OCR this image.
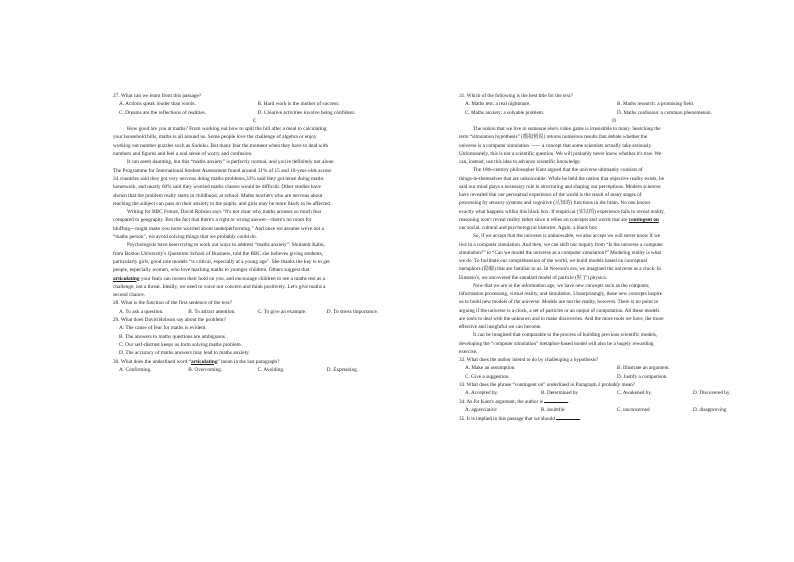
27. What can we learn from this passage?
A. Actions speak louder than words.	B. Hard work is the mother of success.
C. Dreams are the reflections of realities.	D. Creative activities involve being confident.
C
How good are you at maths? From working out how to split the bill after a meal to calculating
your household bills, maths is all around us. Some people love the challenge of algebra or enjoy
working out number puzzles such as Sudoku. But many fear the moment when they have to deal with
numbers and figures and feel a real sense of worry and confusion.
It can seem daunting, but this “maths anxiety” is perfectly normal, and you're definitely not alone.
The Programme for International Student Assessment found around 31% of 15 and 16-year-olds across
34 countries said they got very nervous doing maths problems,33% said they got tense doing maths
homework, and nearly 60% said they worried maths classes would be difficult. Other studies have
shown that the problem really starts in childhood, at school. Maths teachers who are nervous about
teaching the subject can pass on their anxiety to the pupils, and girls may be more likely to be affected.
Writing for BBC Future, David Robson says “It's not clear why maths arouses so much fear
compared to geography. But the fact that there's a right or wrong answer—there's no room for
bluffing—might make you more worried about underperforming.” And once we assume we're not a
“maths person”, we avoid solving things that we probably could do.
Psychologists have been trying to work out ways to address “maths anxiety”. Shulamit Kahn,
from Boston University's Questrom School of Business, told the BBC she believes giving students,
particularly girls, good role models “is critical, especially at a young age”. She thanks the key is to get
people, especially women, who love teaching maths to younger children. Others suggest that
articulating your fears can loosen their hold on you, and encourage children to see a maths test as a
challenge, not a threat. Ideally, we need to voice our concern and think positively. Let's give maths a
second chance.
28. What is the function of the first sentence of the text?
A. To ask a question.	B. To attract attention.	C. To give an example.	D. To stress importance.
29. What does David Robson say about the problem?
A. The cause of fear for maths is evident.
B. The answers to maths questions are ambiguous.
C. Our self-distrust keeps us form solving maths problem.
D. The accuracy of maths answers may lead to maths anxiety.
30. What does the underlined word “articulating” mean in the last paragraph?
A. Confirming.	B. Overcoming.	C. Avoiding.	D. Expressing.
31. Which of the following is the best title for the text?
A. Maths test: a real nightmare.	B. Maths research: a promising field.
C. Maths anxiety: a solvable problem.	D. Maths confusion: a common phenomenon.
D
The notion that we live in someone else's video game is irresistible to many. Searching the
term “simulation hypothesis” (模拟假说) returns numerous results that debate whether the
universe is a computer simulation —— a concept that some scientists actually take seriously.
Unfortunately, this is not a scientific question. We will probably never know whether it's true. We
can, instead, use this idea to advance scientific knowledge.
The 18th-century philosopher Kant argued that the universe ultimately consists of
things-in-themselves that are unknowable. While he held the notion that objective reality exists, he
said our mind plays a necessary role in structuring and shaping our perceptions. Modern sciences
have revealed that our perceptual experience of the world is the result of many stages of
processing by sensory systems and cognitive (认知的) functions in the brain. No one knows
exactly what happens within this black box. If empirical (实证的) experience fails to reveal reality,
reasoning won't reveal reality either since it relies on concepts and words that are contingent on
our social, cultural and psychological histories. Again, a black box.
So, if we accept that the universe is unknowable, we also accept we will never know if we
live in a computer simulation. And then, we can shift our inquiry from “Is the universe a computer
simulation?” to “Can we model the universe as a computer simulation?” Modeling reality is what
we do. To facilitate our comprehension of the world, we build models based on conceptual
metaphors (隐喻) that are familiar to us. In Newton's era, we imagined the universe as a clock. In
Einstein's, we uncovered the standard model of particle (粒子) physics.
Now that we are in the information age, we have new concepts such as the computer,
information processing, virtual reality, and simulation. Unsurprisingly, these new concepts inspire
us to build new models of the universe. Models are not the reality, however. There is no point in
arguing if the universe is a clock, a set of particles or an output of computation. All these models
are tools to deal with the unknown and to make discoveries. And the more tools we have, the more
effective and insightful we can become.
It can be imagined that comparable to the process of building previous scientific models,
developing the “computer simulation” metaphor-based model will also be a hugely rewarding
exercise.
32. What does the author intend to do by challenging a hypothesis?
A. Make an assumption.	B. Illustrate an argument.
C. Give a suggestion.	D. Justify a comparison.
33. What does the phrase “contingent on” underlined in Paragraph 2 probably mean?
A. Accepted by.	B. Determined by.	C. Awakened by.	D. Discovered by.
34. As for Kant's argument, the author is	.
A. appreciative	B. doubtful	C. unconcerned	D. disapproving
35. It is implied in this passage that we should	.
